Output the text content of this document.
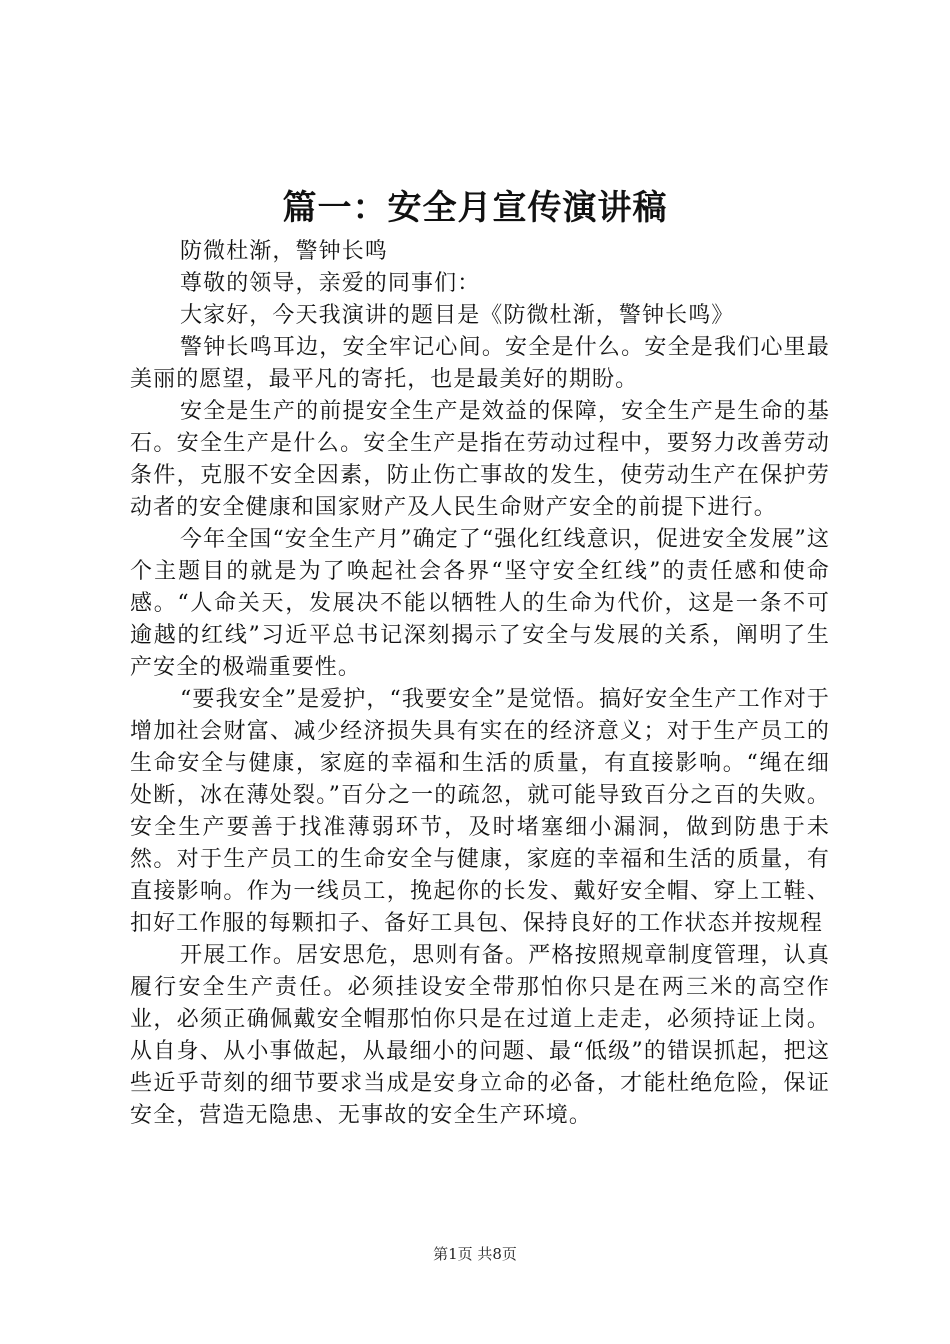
篇一：安全月宣传演讲稿

防微杜渐，警钟长鸣

尊敬的领导，亲爱的同事们：

大家好，今天我演讲的题目是《防微杜渐，警钟长鸣》

警钟长鸣耳边，安全牢记心间。安全是什么。安全是我们心里最美丽的愿望，最平凡的寄托，也是最美好的期盼。

安全是生产的前提安全生产是效益的保障，安全生产是生命的基石。安全生产是什么。安全生产是指在劳动过程中，要努力改善劳动条件，克服不安全因素，防止伤亡事故的发生，使劳动生产在保护劳动者的安全健康和国家财产及人民生命财产安全的前提下进行。

今年全国“安全生产月”确定了“强化红线意识，促进安全发展”这个主题目的就是为了唤起社会各界“坚守安全红线”的责任感和使命感。“人命关天，发展决不能以牺牲人的生命为代价，这是一条不可逾越的红线”习近平总书记深刻揭示了安全与发展的关系，阐明了生产安全的极端重要性。

“要我安全”是爱护，“我要安全”是觉悟。搞好安全生产工作对于增加社会财富、减少经济损失具有实在的经济意义；对于生产员工的生命安全与健康，家庭的幸福和生活的质量，有直接影响。“绳在细处断，冰在薄处裂。”百分之一的疏忽，就可能导致百分之百的失败。安全生产要善于找准薄弱环节，及时堵塞细小漏洞，做到防患于未然。对于生产员工的生命安全与健康，家庭的幸福和生活的质量，有直接影响。作为一线员工，挽起你的长发、戴好安全帽、穿上工鞋、扣好工作服的每颗扣子、备好工具包、保持良好的工作状态并按规程

开展工作。居安思危，思则有备。严格按照规章制度管理，认真履行安全生产责任。必须挂设安全带那怕你只是在两三米的高空作业，必须正确佩戴安全帽那怕你只是在过道上走走，必须持证上岗。从自身、从小事做起，从最细小的问题、最“低级”的错误抓起，把这些近乎苛刻的细节要求当成是安身立命的必备，才能杜绝危险，保证安全，营造无隐患、无事故的安全生产环境。

第1页 共8页
